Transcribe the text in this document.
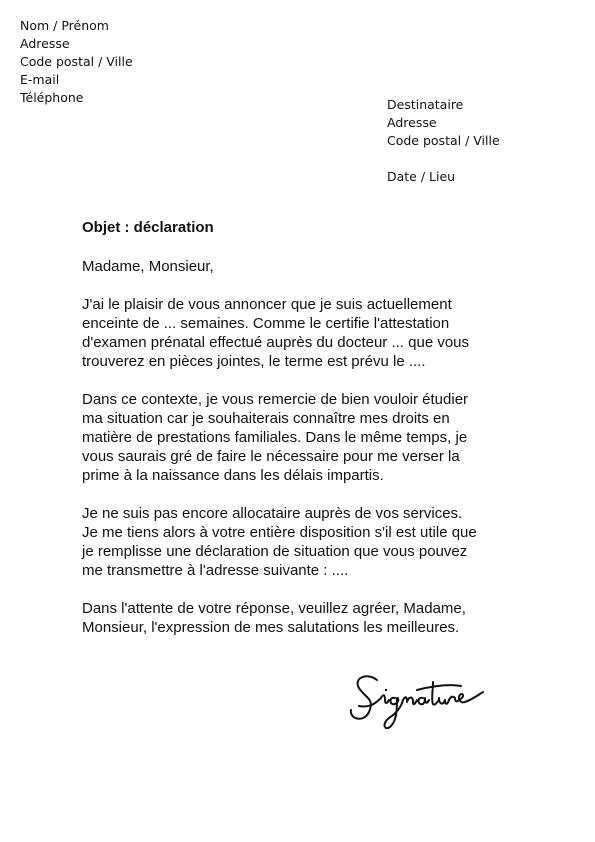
Nom / Prénom
Adresse
Code postal / Ville
E-mail
Téléphone	Destinataire
Adresse
Code postal / Ville
Date / Lieu
Objet : déclaration

Madame, Monsieur,

J'ai le plaisir de vous annoncer que je suis actuellement
enceinte de ... semaines. Comme le certifie l'attestation
d'examen prénatal effectué auprès du docteur ... que vous
trouverez en pièces jointes, le terme est prévu le ....

Dans ce contexte, je vous remercie de bien vouloir étudier
ma situation car je souhaiterais connaître mes droits en
matière de prestations familiales. Dans le même temps, je
vous saurais gré de faire le nécessaire pour me verser la
prime à la naissance dans les délais impartis.

Je ne suis pas encore allocataire auprès de vos services.
Je me tiens alors à votre entière disposition s'il est utile que
je remplisse une déclaration de situation que vous pouvez
me transmettre à l'adresse suivante : ....

Dans l'attente de votre réponse, veuillez agréer, Madame,
Monsieur, l'expression de mes salutations les meilleures.
